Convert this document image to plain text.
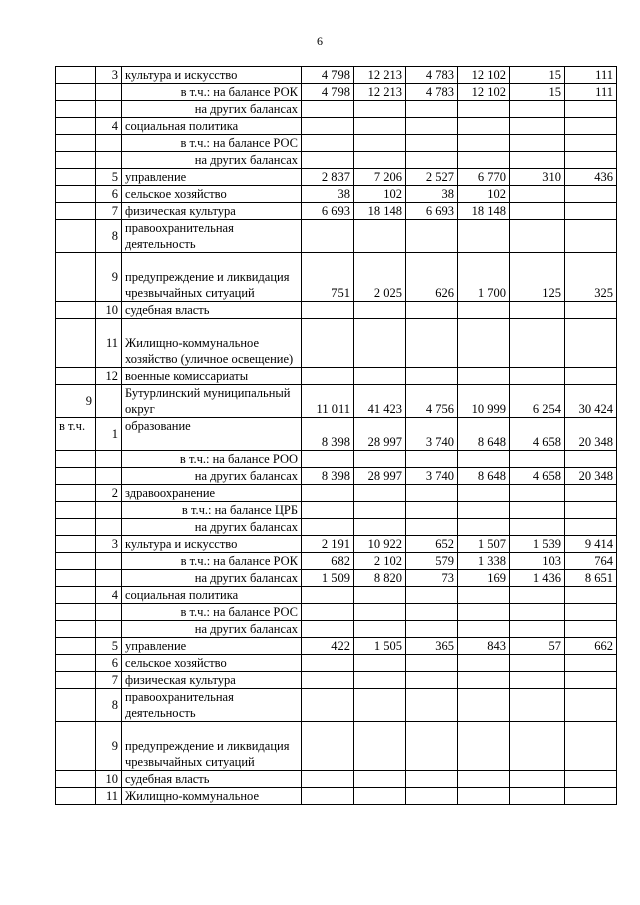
6
	3	культура и искусство	4 798	12 213	4 783	12 102	15	111
		в т.ч.: на балансе РОК	4 798	12 213	4 783	12 102	15	111
		на других балансах						
	4	социальная политика						
		в т.ч.: на балансе РОС						
		на других балансах						
	5	управление	2 837	7 206	2 527	6 770	310	436
	6	сельское хозяйство	38	102	38	102		
	7	физическая культура	6 693	18 148	6 693	18 148		
	8	правоохранительная деятельность						
	9	предупреждение и ликвидация чрезвычайных ситуаций	751	2 025	626	1 700	125	325
	10	судебная власть						
	11	Жилищно-коммунальное хозяйство (уличное освещение)						
	12	военные комиссариаты						
9		Бутурлинский муниципальный округ	11 011	41 423	4 756	10 999	6 254	30 424
в т.ч.	1	образование	8 398	28 997	3 740	8 648	4 658	20 348
		в т.ч.: на балансе РОО						
		на других балансах	8 398	28 997	3 740	8 648	4 658	20 348
	2	здравоохранение						
		в т.ч.: на балансе ЦРБ						
		на других балансах						
	3	культура и искусство	2 191	10 922	652	1 507	1 539	9 414
		в т.ч.: на балансе РОК	682	2 102	579	1 338	103	764
		на других балансах	1 509	8 820	73	169	1 436	8 651
	4	социальная политика						
		в т.ч.: на балансе РОС						
		на других балансах						
	5	управление	422	1 505	365	843	57	662
	6	сельское хозяйство						
	7	физическая культура						
	8	правоохранительная деятельность						
	9	предупреждение и ликвидация чрезвычайных ситуаций						
	10	судебная власть						
	11	Жилищно-коммунальное						
